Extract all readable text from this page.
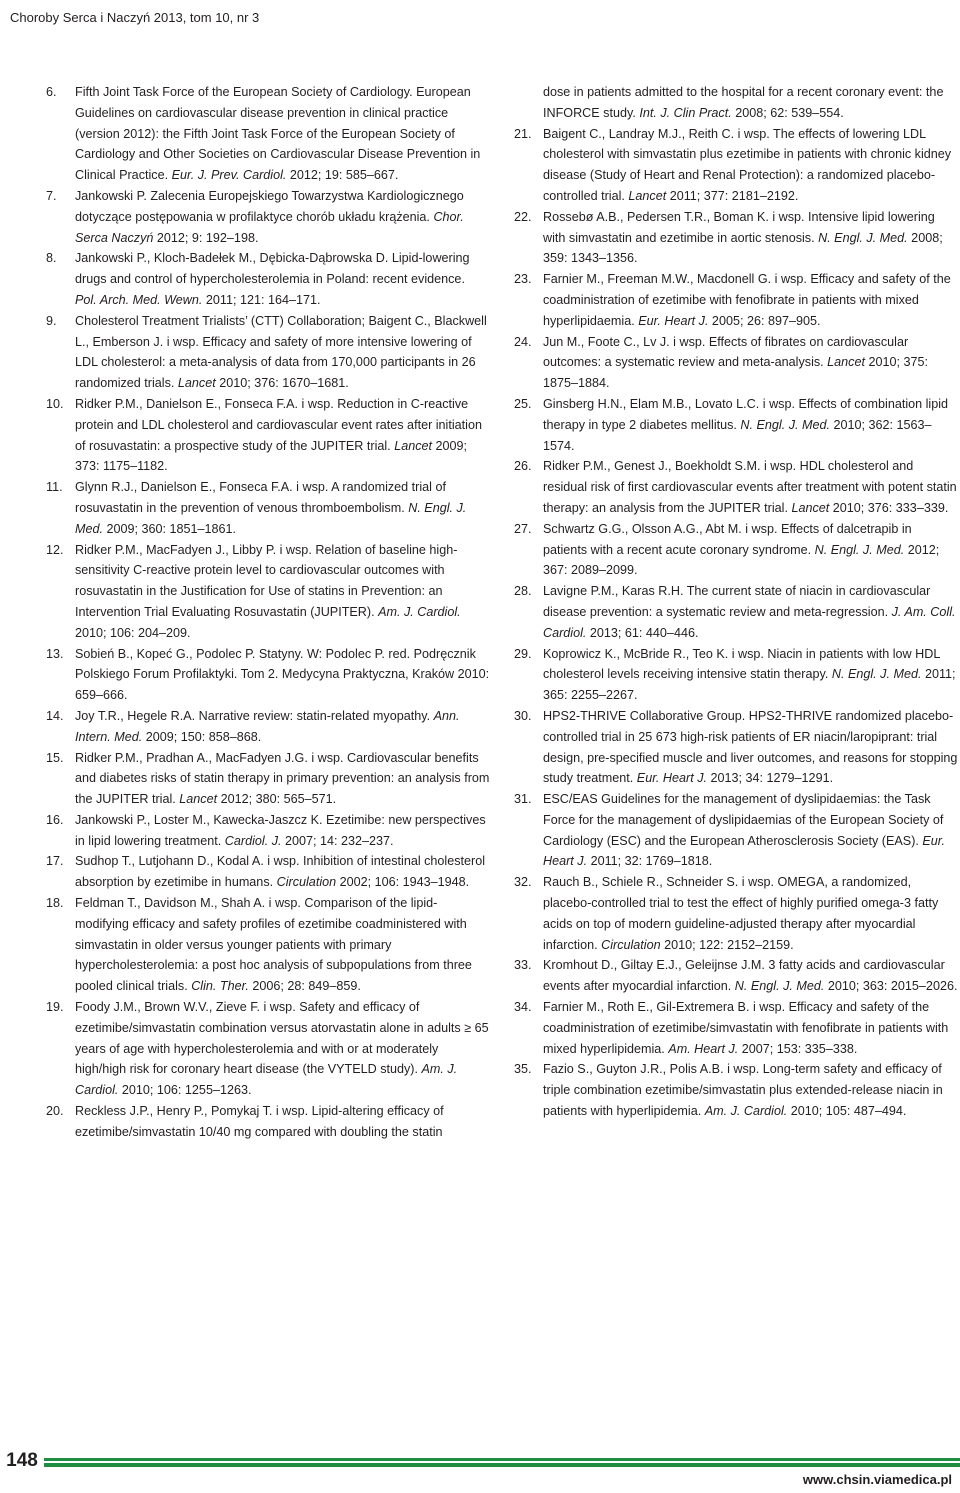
Choroby Serca i Naczyń 2013, tom 10, nr 3
6. Fifth Joint Task Force of the European Society of Cardiology. European Guidelines on cardiovascular disease prevention in clinical practice (version 2012): the Fifth Joint Task Force of the European Society of Cardiology and Other Societies on Cardiovascular Disease Prevention in Clinical Practice. Eur. J. Prev. Cardiol. 2012; 19: 585–667.
7. Jankowski P. Zalecenia Europejskiego Towarzystwa Kardiologicznego dotyczące postępowania w profilaktyce chorób układu krążenia. Chor. Serca Naczyń 2012; 9: 192–198.
8. Jankowski P., Kloch-Badełek M., Dębicka-Dąbrowska D. Lipid-lowering drugs and control of hypercholesterolemia in Poland: recent evidence. Pol. Arch. Med. Wewn. 2011; 121: 164–171.
9. Cholesterol Treatment Trialists’ (CTT) Collaboration; Baigent C., Blackwell L., Emberson J. i wsp. Efficacy and safety of more intensive lowering of LDL cholesterol: a meta-analysis of data from 170,000 participants in 26 randomized trials. Lancet 2010; 376: 1670–1681.
10. Ridker P.M., Danielson E., Fonseca F.A. i wsp. Reduction in C-reactive protein and LDL cholesterol and cardiovascular event rates after initiation of rosuvastatin: a prospective study of the JUPITER trial. Lancet 2009; 373: 1175–1182.
11. Glynn R.J., Danielson E., Fonseca F.A. i wsp. A randomized trial of rosuvastatin in the prevention of venous thromboembolism. N. Engl. J. Med. 2009; 360: 1851–1861.
12. Ridker P.M., MacFadyen J., Libby P. i wsp. Relation of baseline high-sensitivity C-reactive protein level to cardiovascular outcomes with rosuvastatin in the Justification for Use of statins in Prevention: an Intervention Trial Evaluating Rosuvastatin (JUPITER). Am. J. Cardiol. 2010; 106: 204–209.
13. Sobień B., Kopeć G., Podolec P. Statyny. W: Podolec P. red. Podręcznik Polskiego Forum Profilaktyki. Tom 2. Medycyna Praktyczna, Kraków 2010: 659–666.
14. Joy T.R., Hegele R.A. Narrative review: statin-related myopathy. Ann. Intern. Med. 2009; 150: 858–868.
15. Ridker P.M., Pradhan A., MacFadyen J.G. i wsp. Cardiovascular benefits and diabetes risks of statin therapy in primary prevention: an analysis from the JUPITER trial. Lancet 2012; 380: 565–571.
16. Jankowski P., Loster M., Kawecka-Jaszcz K. Ezetimibe: new perspectives in lipid lowering treatment. Cardiol. J. 2007; 14: 232–237.
17. Sudhop T., Lutjohann D., Kodal A. i wsp. Inhibition of intestinal cholesterol absorption by ezetimibe in humans. Circulation 2002; 106: 1943–1948.
18. Feldman T., Davidson M., Shah A. i wsp. Comparison of the lipid-modifying efficacy and safety profiles of ezetimibe coadministered with simvastatin in older versus younger patients with primary hypercholesterolemia: a post hoc analysis of subpopulations from three pooled clinical trials. Clin. Ther. 2006; 28: 849–859.
19. Foody J.M., Brown W.V., Zieve F. i wsp. Safety and efficacy of ezetimibe/simvastatin combination versus atorvastatin alone in adults ≥ 65 years of age with hypercholesterolemia and with or at moderately high/high risk for coronary heart disease (the VYTELD study). Am. J. Cardiol. 2010; 106: 1255–1263.
20. Reckless J.P., Henry P., Pomykaj T. i wsp. Lipid-altering efficacy of ezetimibe/simvastatin 10/40 mg compared with doubling the statin
dose in patients admitted to the hospital for a recent coronary event: the INFORCE study. Int. J. Clin Pract. 2008; 62: 539–554.
21. Baigent C., Landray M.J., Reith C. i wsp. The effects of lowering LDL cholesterol with simvastatin plus ezetimibe in patients with chronic kidney disease (Study of Heart and Renal Protection): a randomized placebo-controlled trial. Lancet 2011; 377: 2181–2192.
22. Rossebø A.B., Pedersen T.R., Boman K. i wsp. Intensive lipid lowering with simvastatin and ezetimibe in aortic stenosis. N. Engl. J. Med. 2008; 359: 1343–1356.
23. Farnier M., Freeman M.W., Macdonell G. i wsp. Efficacy and safety of the coadministration of ezetimibe with fenofibrate in patients with mixed hyperlipidaemia. Eur. Heart J. 2005; 26: 897–905.
24. Jun M., Foote C., Lv J. i wsp. Effects of fibrates on cardiovascular outcomes: a systematic review and meta-analysis. Lancet 2010; 375: 1875–1884.
25. Ginsberg H.N., Elam M.B., Lovato L.C. i wsp. Effects of combination lipid therapy in type 2 diabetes mellitus. N. Engl. J. Med. 2010; 362: 1563–1574.
26. Ridker P.M., Genest J., Boekholdt S.M. i wsp. HDL cholesterol and residual risk of first cardiovascular events after treatment with potent statin therapy: an analysis from the JUPITER trial. Lancet 2010; 376: 333–339.
27. Schwartz G.G., Olsson A.G., Abt M. i wsp. Effects of dalcetrapib in patients with a recent acute coronary syndrome. N. Engl. J. Med. 2012; 367: 2089–2099.
28. Lavigne P.M., Karas R.H. The current state of niacin in cardiovascular disease prevention: a systematic review and meta-regression. J. Am. Coll. Cardiol. 2013; 61: 440–446.
29. Koprowicz K., McBride R., Teo K. i wsp. Niacin in patients with low HDL cholesterol levels receiving intensive statin therapy. N. Engl. J. Med. 2011; 365: 2255–2267.
30. HPS2-THRIVE Collaborative Group. HPS2-THRIVE randomized placebo-controlled trial in 25 673 high-risk patients of ER niacin/laropiprant: trial design, pre-specified muscle and liver outcomes, and reasons for stopping study treatment. Eur. Heart J. 2013; 34: 1279–1291.
31. ESC/EAS Guidelines for the management of dyslipidaemias: the Task Force for the management of dyslipidaemias of the European Society of Cardiology (ESC) and the European Atherosclerosis Society (EAS). Eur. Heart J. 2011; 32: 1769–1818.
32. Rauch B., Schiele R., Schneider S. i wsp. OMEGA, a randomized, placebo-controlled trial to test the effect of highly purified omega-3 fatty acids on top of modern guideline-adjusted therapy after myocardial infarction. Circulation 2010; 122: 2152–2159.
33. Kromhout D., Giltay E.J., Geleijnse J.M. 3 fatty acids and cardiovascular events after myocardial infarction. N. Engl. J. Med. 2010; 363: 2015–2026.
34. Farnier M., Roth E., Gil-Extremera B. i wsp. Efficacy and safety of the coadministration of ezetimibe/simvastatin with fenofibrate in patients with mixed hyperlipidemia. Am. Heart J. 2007; 153: 335–338.
35. Fazio S., Guyton J.R., Polis A.B. i wsp. Long-term safety and efficacy of triple combination ezetimibe/simvastatin plus extended-release niacin in patients with hyperlipidemia. Am. J. Cardiol. 2010; 105: 487–494.
148
www.chsin.viamedica.pl
